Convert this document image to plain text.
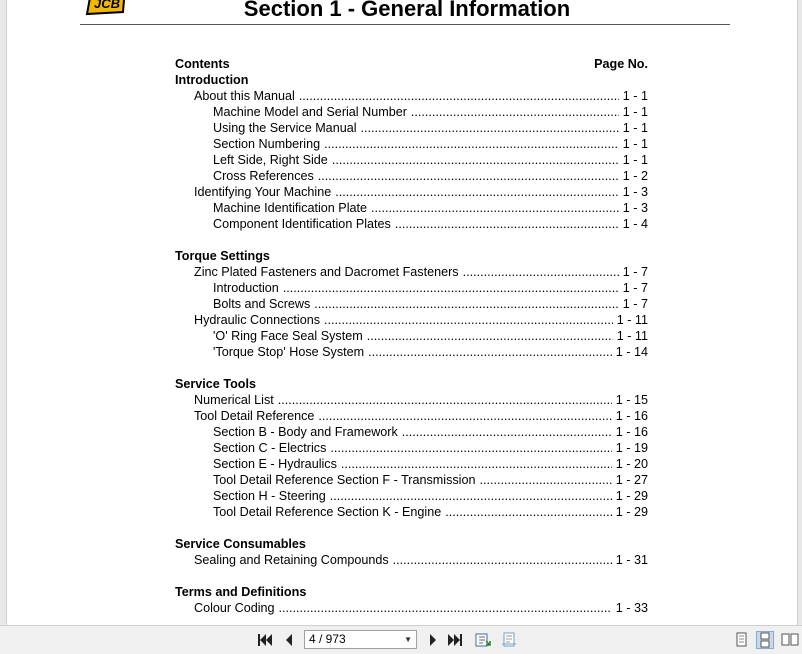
JCB	Section 1 - General Information
Contents	Page No.
Introduction
About this Manual .....	1 - 1
Machine Model and Serial Number .....	1 - 1
Using the Service Manual .....	1 - 1
Section Numbering .....	1 - 1
Left Side, Right Side .....	1 - 1
Cross References .....	1 - 2
Identifying Your Machine .....	1 - 3
Machine Identification Plate .....	1 - 3
Component Identification Plates .....	1 - 4
Torque Settings
Zinc Plated Fasteners and Dacromet Fasteners .....	1 - 7
Introduction .....	1 - 7
Bolts and Screws .....	1 - 7
Hydraulic Connections .....	1 - 11
'O' Ring Face Seal System .....	1 - 11
'Torque Stop' Hose System .....	1 - 14
Service Tools
Numerical List .....	1 - 15
Tool Detail Reference .....	1 - 16
Section B - Body and Framework .....	1 - 16
Section C - Electrics .....	1 - 19
Section E - Hydraulics .....	1 - 20
Tool Detail Reference Section F - Transmission .....	1 - 27
Section H - Steering .....	1 - 29
Tool Detail Reference Section K - Engine .....	1 - 29
Service Consumables
Sealing and Retaining Compounds .....	1 - 31
Terms and Definitions
Colour Coding .....	1 - 33
4 / 973	▼
